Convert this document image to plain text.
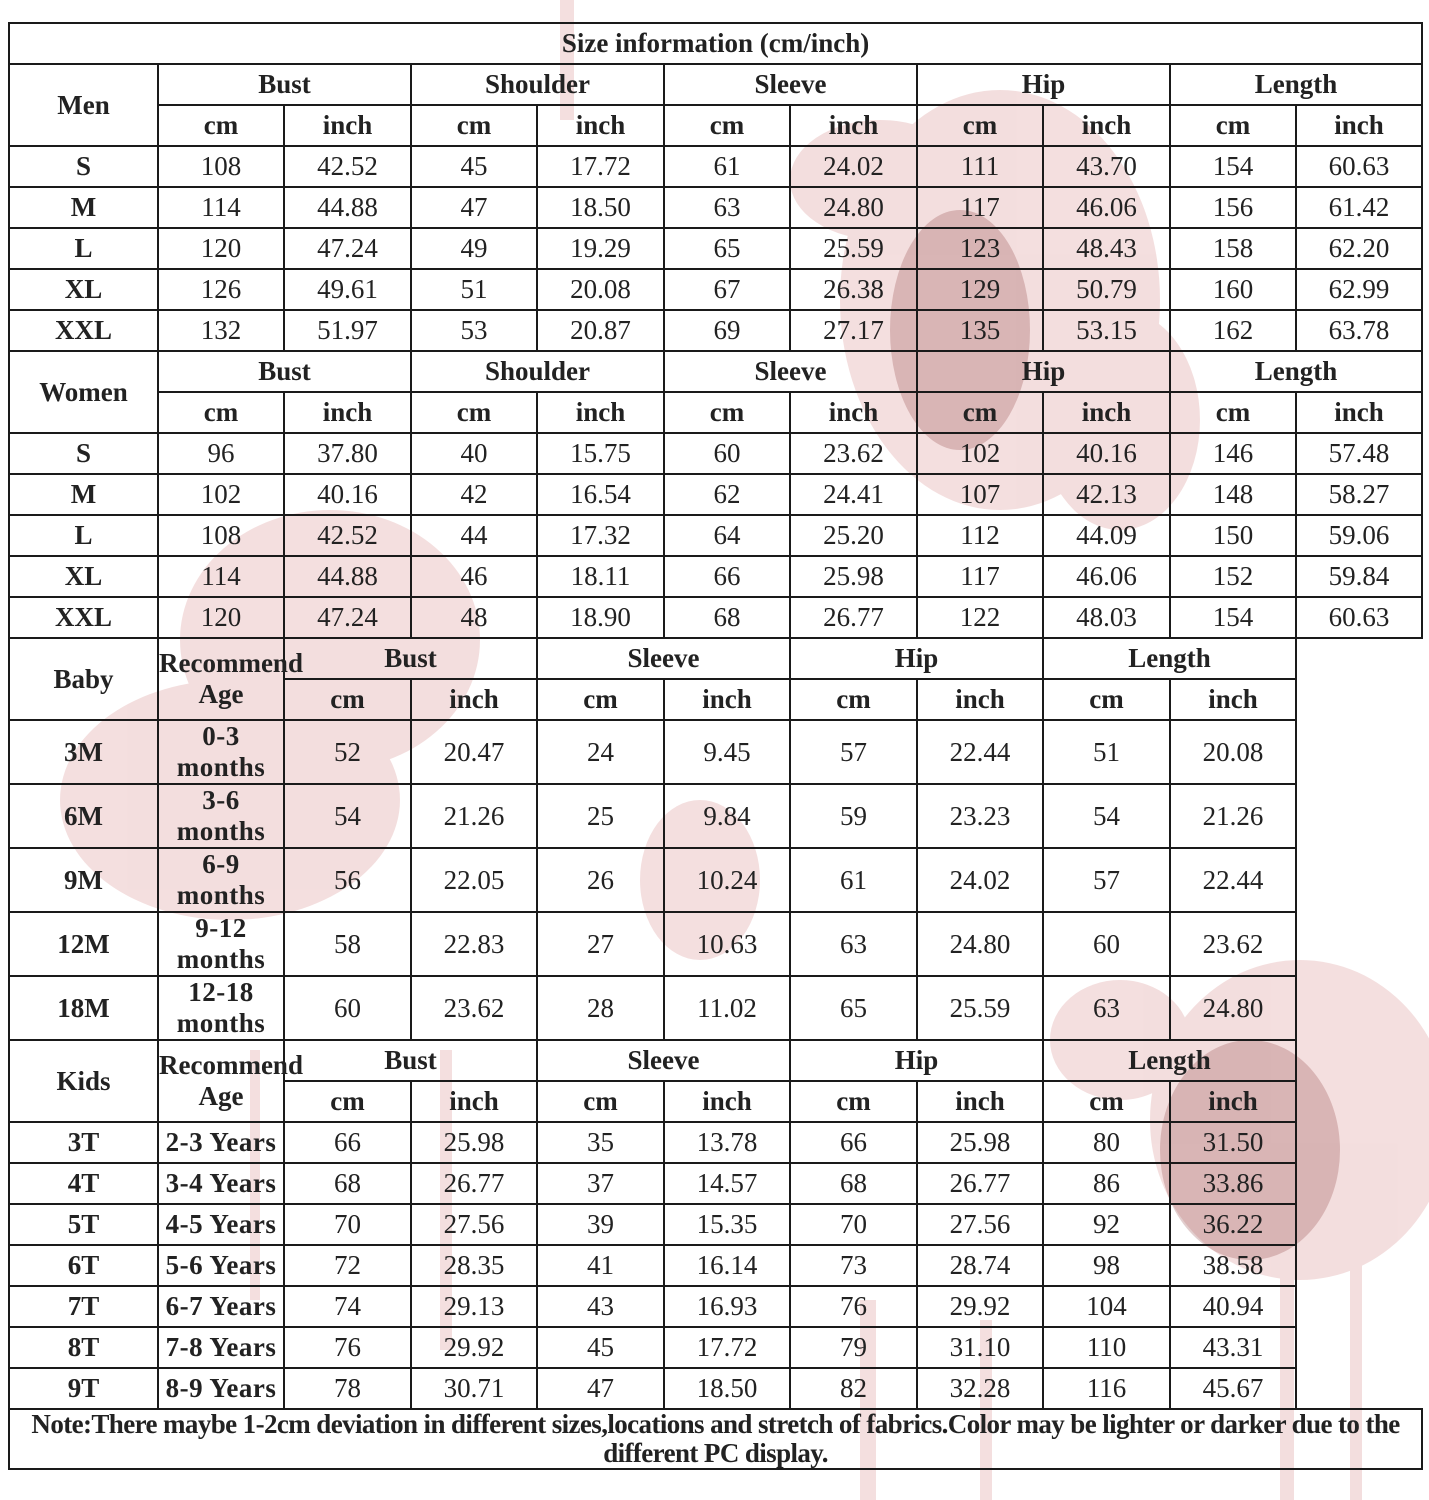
Size information (cm/inch)										
Men	Bust		Shoulder		Sleeve		Hip		Length	
	cm	inch	cm	inch	cm	inch	cm	inch	cm	inch
S	108	42.52	45	17.72	61	24.02	111	43.70	154	60.63
M	114	44.88	47	18.50	63	24.80	117	46.06	156	61.42
L	120	47.24	49	19.29	65	25.59	123	48.43	158	62.20
XL	126	49.61	51	20.08	67	26.38	129	50.79	160	62.99
XXL	132	51.97	53	20.87	69	27.17	135	53.15	162	63.78
Women	Bust		Shoulder		Sleeve		Hip		Length	
	cm	inch	cm	inch	cm	inch	cm	inch	cm	inch
S	96	37.80	40	15.75	60	23.62	102	40.16	146	57.48
M	102	40.16	42	16.54	62	24.41	107	42.13	148	58.27
L	108	42.52	44	17.32	64	25.20	112	44.09	150	59.06
XL	114	44.88	46	18.11	66	25.98	117	46.06	152	59.84
XXL	120	47.24	48	18.90	68	26.77	122	48.03	154	60.63
Baby	Recommend Age	Bust		Sleeve		Hip		Length		
		cm	inch	cm	inch	cm	inch	cm	inch	
3M	0-3 months	52	20.47	24	9.45	57	22.44	51	20.08	
6M	3-6 months	54	21.26	25	9.84	59	23.23	54	21.26	
9M	6-9 months	56	22.05	26	10.24	61	24.02	57	22.44	
12M	9-12 months	58	22.83	27	10.63	63	24.80	60	23.62	
18M	12-18 months	60	23.62	28	11.02	65	25.59	63	24.80	
Kids	Recommend Age	Bust		Sleeve		Hip		Length		
		cm	inch	cm	inch	cm	inch	cm	inch	
3T	2-3 Years	66	25.98	35	13.78	66	25.98	80	31.50	
4T	3-4 Years	68	26.77	37	14.57	68	26.77	86	33.86	
5T	4-5 Years	70	27.56	39	15.35	70	27.56	92	36.22	
6T	5-6 Years	72	28.35	41	16.14	73	28.74	98	38.58	
7T	6-7 Years	74	29.13	43	16.93	76	29.92	104	40.94	
8T	7-8 Years	76	29.92	45	17.72	79	31.10	110	43.31	
9T	8-9 Years	78	30.71	47	18.50	82	32.28	116	45.67	
Note:There maybe 1-2cm deviation in different sizes,locations and stretch of fabrics.Color may be lighter or darker due to the different PC display.										
